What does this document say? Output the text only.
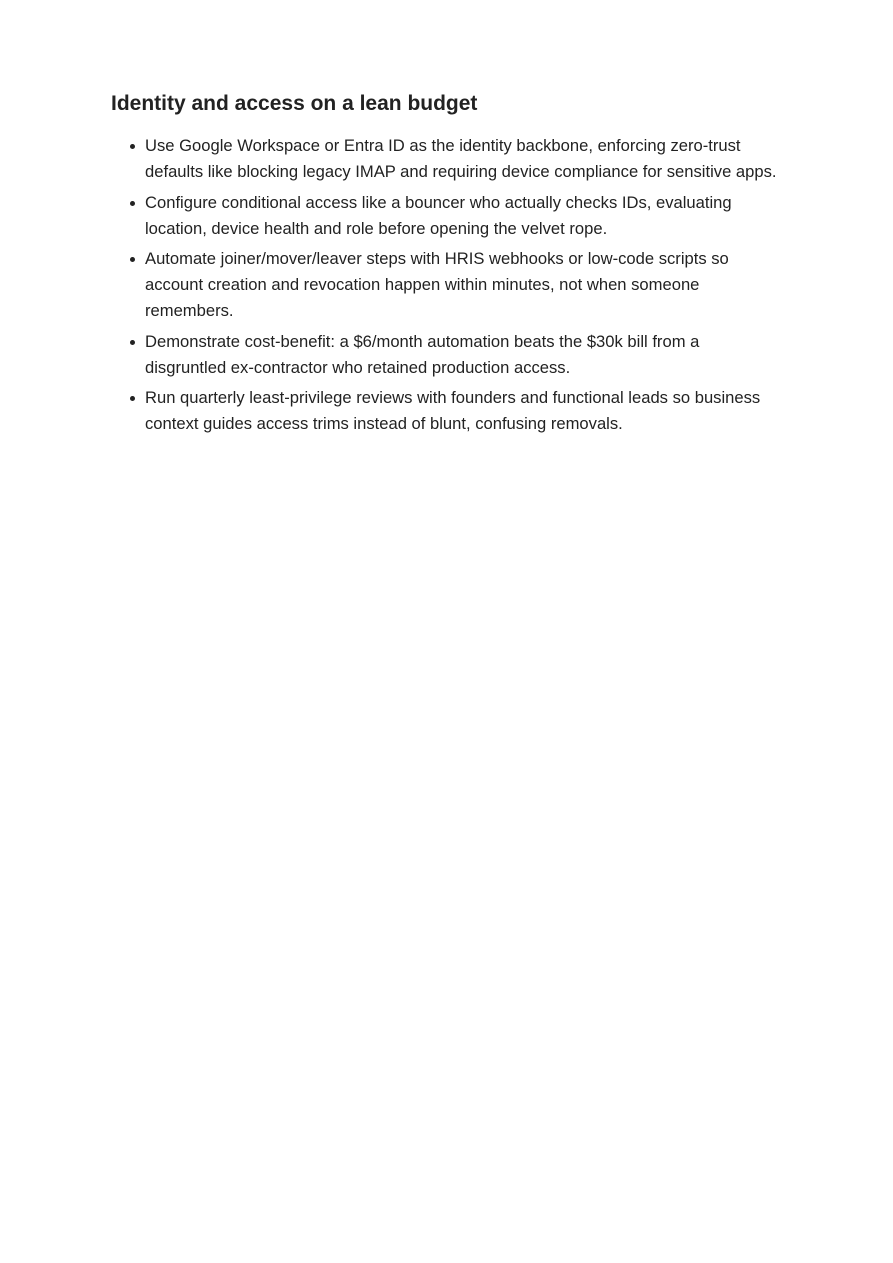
Identity and access on a lean budget
Use Google Workspace or Entra ID as the identity backbone, enforcing zero-trust defaults like blocking legacy IMAP and requiring device compliance for sensitive apps.
Configure conditional access like a bouncer who actually checks IDs, evaluating location, device health and role before opening the velvet rope.
Automate joiner/mover/leaver steps with HRIS webhooks or low-code scripts so account creation and revocation happen within minutes, not when someone remembers.
Demonstrate cost-benefit: a $6/month automation beats the $30k bill from a disgruntled ex-contractor who retained production access.
Run quarterly least-privilege reviews with founders and functional leads so business context guides access trims instead of blunt, confusing removals.
